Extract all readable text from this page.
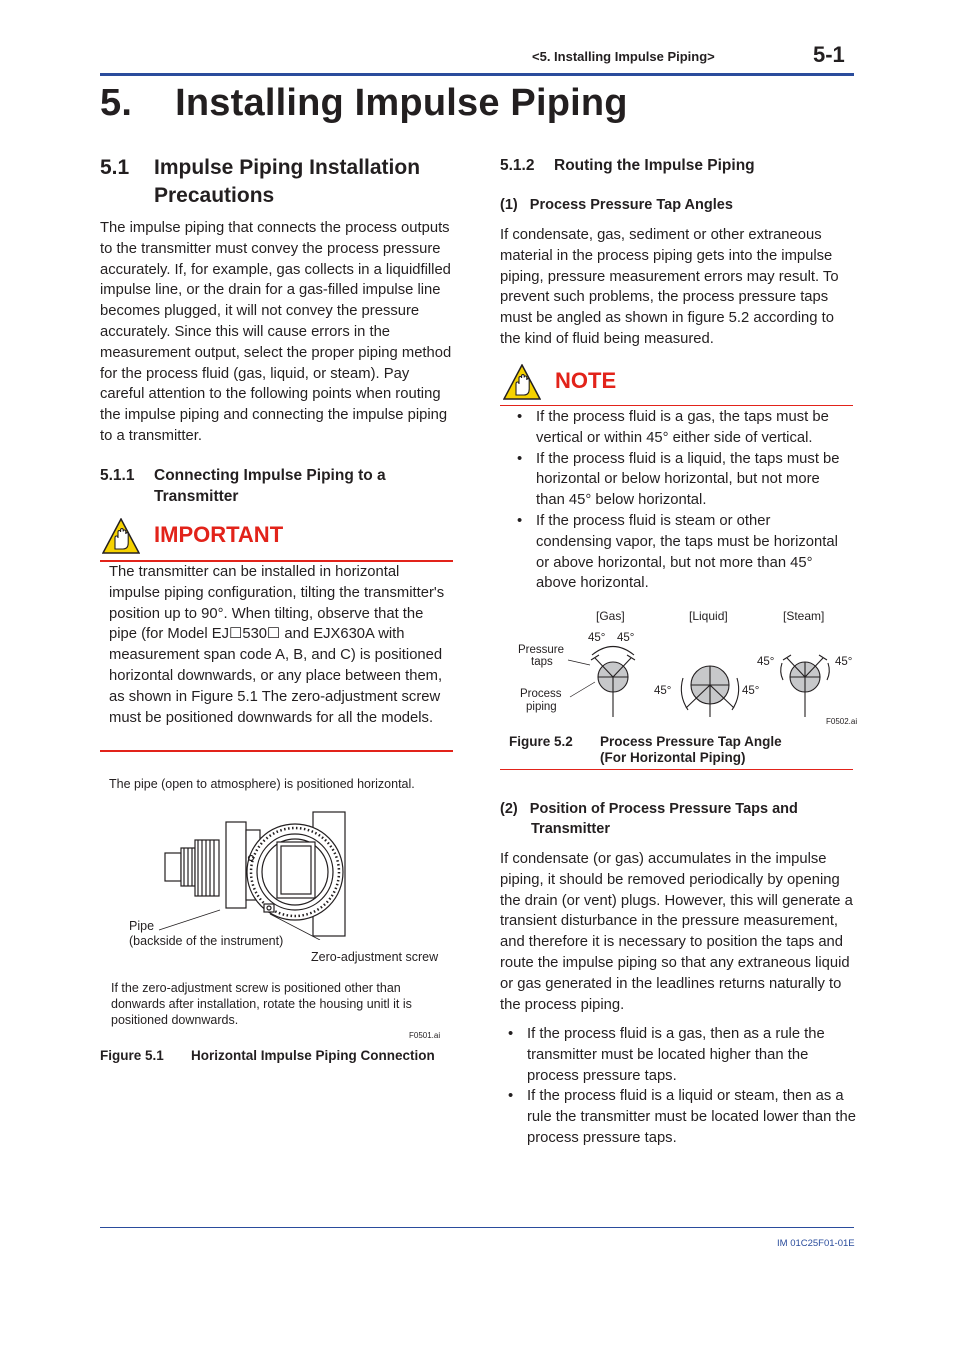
<5. Installing Impulse Piping>	5-1
5.    Installing Impulse Piping
5.1 Impulse Piping Installation
Precautions
The impulse piping that connects the process outputs to the transmitter must convey the process pressure accurately. If, for example, gas collects in a liquidfilled impulse line, or the drain for a gas-filled impulse line becomes plugged, it will not convey the pressure accurately. Since this will cause errors in the measurement output, select the proper piping method for the process fluid (gas, liquid, or steam). Pay careful attention to the following points when routing the impulse piping and connecting the impulse piping to a transmitter.
5.1.1 Connecting Impulse Piping to a Transmitter
IMPORTANT
The transmitter can be installed in horizontal impulse piping configuration, tilting the transmitter's position up to 90°. When tilting, observe that the pipe (for Model EJ☐530☐ and EJX630A with measurement span code A, B, and C) is positioned horizontal downwards, or any place between them, as shown in Figure 5.1 The zero-adjustment screw must be positioned downwards for all the models.
The pipe (open to atmosphere) is positioned horizontal.
Pipe
(backside of the instrument)
Zero-adjustment screw
If the zero-adjustment screw is positioned other than donwards after installation, rotate the housing unitl it is positioned downwards.
F0501.ai
Figure 5.1 Horizontal Impulse Piping Connection
5.1.2 Routing the Impulse Piping
(1)   Process Pressure Tap Angles
If condensate, gas, sediment or other extraneous material in the process piping gets into the impulse piping, pressure measurement errors may result. To prevent such problems, the process pressure taps must be angled as shown in figure 5.2 according to the kind of fluid being measured.
NOTE
• If the process fluid is a gas, the taps must be vertical or within 45° either side of vertical.
• If the process fluid is a liquid, the taps must be horizontal or below horizontal, but not more than 45° below horizontal.
• If the process fluid is steam or other condensing vapor, the taps must be horizontal or above horizontal, but not more than 45° above horizontal.
[Gas]	[Liquid]	[Steam]
Pressure
taps
Process
piping
45° 45°
45°	45°
45°	45°
F0502.ai
Figure 5.2 Process Pressure Tap Angle
(For Horizontal Piping)
(2)   Position of Process Pressure Taps and
Transmitter
If condensate (or gas) accumulates in the impulse piping, it should be removed periodically by opening the drain (or vent) plugs. However, this will generate a transient disturbance in the pressure measurement, and therefore it is necessary to position the taps and route the impulse piping so that any extraneous liquid or gas generated in the leadlines returns naturally to the process piping.
• If the process fluid is a gas, then as a rule the transmitter must be located higher than the process pressure taps.
• If the process fluid is a liquid or steam, then as a rule the transmitter must be located lower than the process pressure taps.
IM 01C25F01-01E
